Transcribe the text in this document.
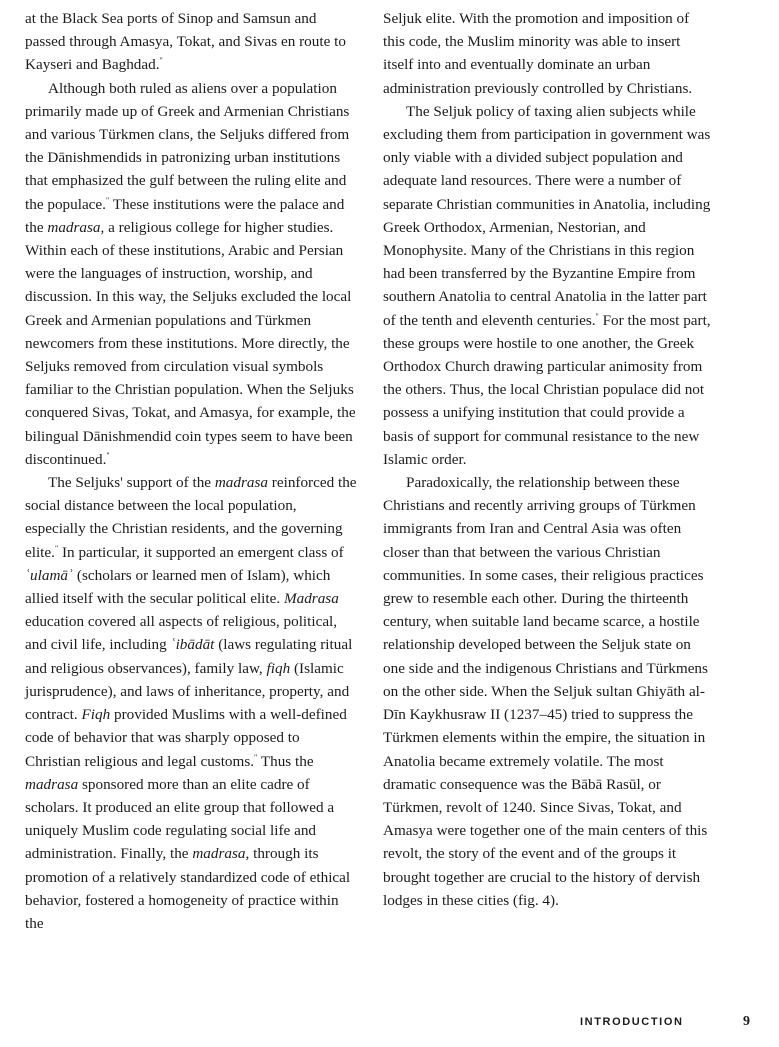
at the Black Sea ports of Sinop and Samsun and passed through Amasya, Tokat, and Sivas en route to Kayseri and Baghdad."

Although both ruled as aliens over a population primarily made up of Greek and Armenian Christians and various Türkmen clans, the Seljuks differed from the Dānishmendids in patronizing urban institutions that emphasized the gulf between the ruling elite and the populace." These institutions were the palace and the madrasa, a religious college for higher studies. Within each of these institutions, Arabic and Persian were the languages of instruction, worship, and discussion. In this way, the Seljuks excluded the local Greek and Armenian populations and Türkmen newcomers from these institutions. More directly, the Seljuks removed from circulation visual symbols familiar to the Christian population. When the Seljuks conquered Sivas, Tokat, and Amasya, for example, the bilingual Dānishmendid coin types seem to have been discontinued."

The Seljuks' support of the madrasa reinforced the social distance between the local population, especially the Christian residents, and the governing elite." In particular, it supported an emergent class of ʿulamāʾ (scholars or learned men of Islam), which allied itself with the secular political elite. Madrasa education covered all aspects of religious, political, and civil life, including ʿibādāt (laws regulating ritual and religious observances), family law, fiqh (Islamic jurisprudence), and laws of inheritance, property, and contract. Fiqh provided Muslims with a well-defined code of behavior that was sharply opposed to Christian religious and legal customs." Thus the madrasa sponsored more than an elite cadre of scholars. It produced an elite group that followed a uniquely Muslim code regulating social life and administration. Finally, the madrasa, through its promotion of a relatively standardized code of ethical behavior, fostered a homogeneity of practice within the

Seljuk elite. With the promotion and imposition of this code, the Muslim minority was able to insert itself into and eventually dominate an urban administration previously controlled by Christians.

The Seljuk policy of taxing alien subjects while excluding them from participation in government was only viable with a divided subject population and adequate land resources. There were a number of separate Christian communities in Anatolia, including Greek Orthodox, Armenian, Nestorian, and Monophysite. Many of the Christians in this region had been transferred by the Byzantine Empire from southern Anatolia to central Anatolia in the latter part of the tenth and eleventh centuries." For the most part, these groups were hostile to one another, the Greek Orthodox Church drawing particular animosity from the others. Thus, the local Christian populace did not possess a unifying institution that could provide a basis of support for communal resistance to the new Islamic order.

Paradoxically, the relationship between these Christians and recently arriving groups of Türkmen immigrants from Iran and Central Asia was often closer than that between the various Christian communities. In some cases, their religious practices grew to resemble each other. During the thirteenth century, when suitable land became scarce, a hostile relationship developed between the Seljuk state on one side and the indigenous Christians and Türkmens on the other side. When the Seljuk sultan Ghiyāth al-Dīn Kaykhusraw II (1237–45) tried to suppress the Türkmen elements within the empire, the situation in Anatolia became extremely volatile. The most dramatic consequence was the Bābā Rasūl, or Türkmen, revolt of 1240. Since Sivas, Tokat, and Amasya were together one of the main centers of this revolt, the story of the event and of the groups it brought together are crucial to the history of dervish lodges in these cities (fig. 4).

INTRODUCTION	9
